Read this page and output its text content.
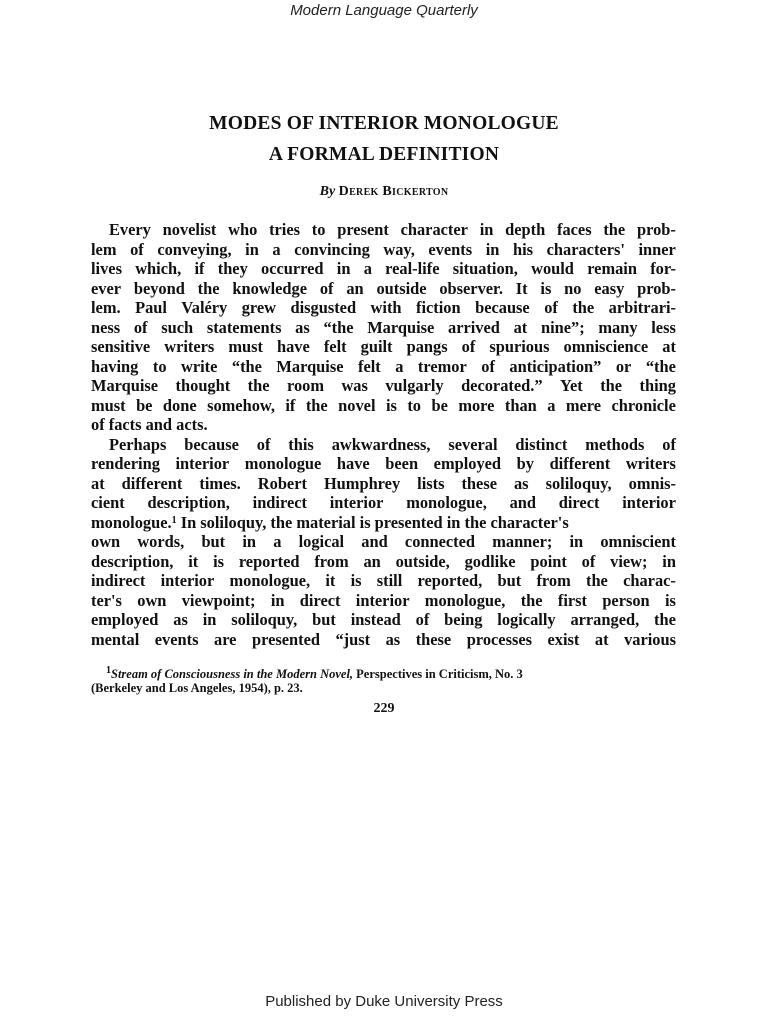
Modern Language Quarterly
MODES OF INTERIOR MONOLOGUE
A FORMAL DEFINITION
By Derek Bickerton
Every novelist who tries to present character in depth faces the prob-
lem of conveying, in a convincing way, events in his characters' inner
lives which, if they occurred in a real-life situation, would remain for-
ever beyond the knowledge of an outside observer. It is no easy prob-
lem. Paul Valéry grew disgusted with fiction because of the arbitrari-
ness of such statements as “the Marquise arrived at nine”; many less
sensitive writers must have felt guilt pangs of spurious omniscience at
having to write “the Marquise felt a tremor of anticipation” or “the
Marquise thought the room was vulgarly decorated.” Yet the thing
must be done somehow, if the novel is to be more than a mere chronicle
of facts and acts.
Perhaps because of this awkwardness, several distinct methods of
rendering interior monologue have been employed by different writers
at different times. Robert Humphrey lists these as soliloquy, omnis-
cient description, indirect interior monologue, and direct interior
monologue.$^1$ In soliloquy, the material is presented in the character's
own words, but in a logical and connected manner; in omniscient
description, it is reported from an outside, godlike point of view; in
indirect interior monologue, it is still reported, but from the charac-
ter's own viewpoint; in direct interior monologue, the first person is
employed as in soliloquy, but instead of being logically arranged, the
mental events are presented “just as these processes exist at various
$^1$Stream of Consciousness in the Modern Novel, Perspectives in Criticism, No. 3
(Berkeley and Los Angeles, 1954), p. 23.
229
Published by Duke University Press
